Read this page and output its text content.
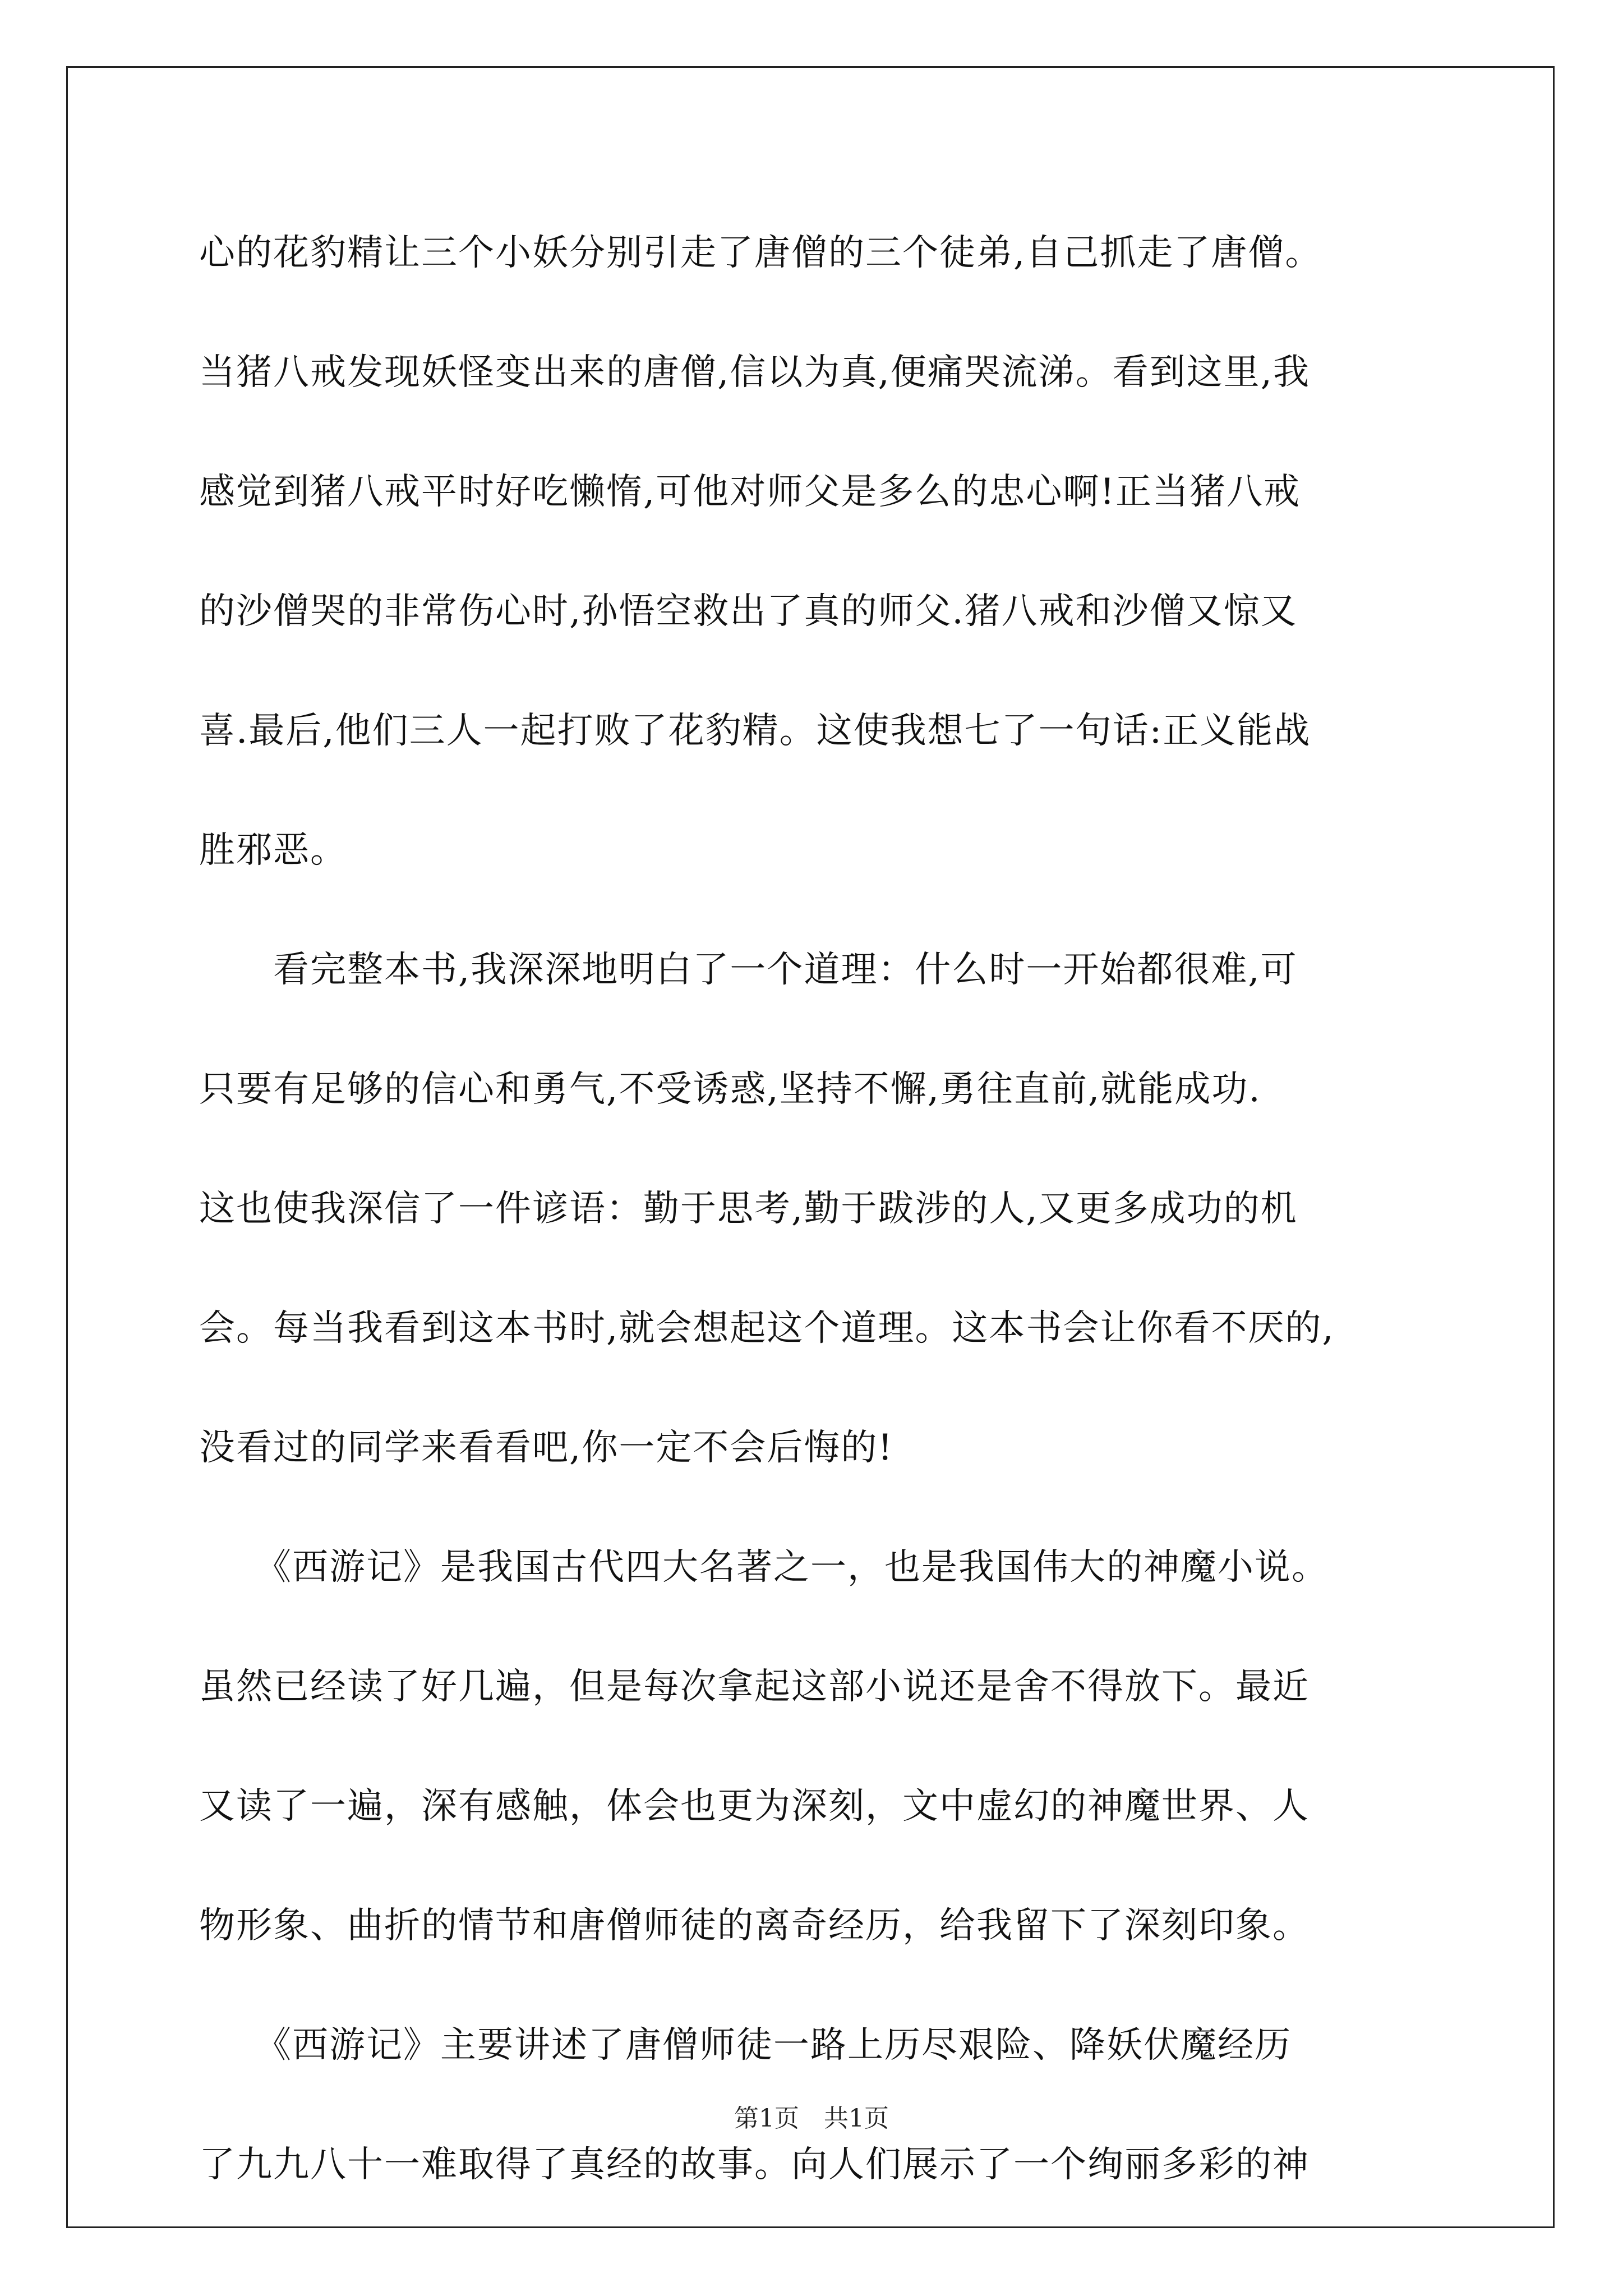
心的花豹精让三个小妖分别引走了唐僧的三个徒弟,自己抓走了唐僧。
当猪八戒发现妖怪变出来的唐僧,信以为真,便痛哭流涕。看到这里,我
感觉到猪八戒平时好吃懒惰,可他对师父是多么的忠心啊!正当猪八戒
的沙僧哭的非常伤心时,孙悟空救出了真的师父.猪八戒和沙僧又惊又
喜.最后,他们三人一起打败了花豹精。这使我想七了一句话:正义能战
胜邪恶。
　　看完整本书,我深深地明白了一个道理：什么时一开始都很难,可
只要有足够的信心和勇气,不受诱惑,坚持不懈,勇往直前,就能成功.
这也使我深信了一件谚语：勤于思考,勤于跋涉的人,又更多成功的机
会。每当我看到这本书时,就会想起这个道理。这本书会让你看不厌的,
没看过的同学来看看吧,你一定不会后悔的!
　　《西游记》是我国古代四大名著之一，也是我国伟大的神魔小说。
虽然已经读了好几遍，但是每次拿起这部小说还是舍不得放下。最近
又读了一遍，深有感触，体会也更为深刻，文中虚幻的神魔世界、人
物形象、曲折的情节和唐僧师徒的离奇经历，给我留下了深刻印象。
　　《西游记》主要讲述了唐僧师徒一路上历尽艰险、降妖伏魔经历
了九九八十一难取得了真经的故事。向人们展示了一个绚丽多彩的神
第1页　共1页
